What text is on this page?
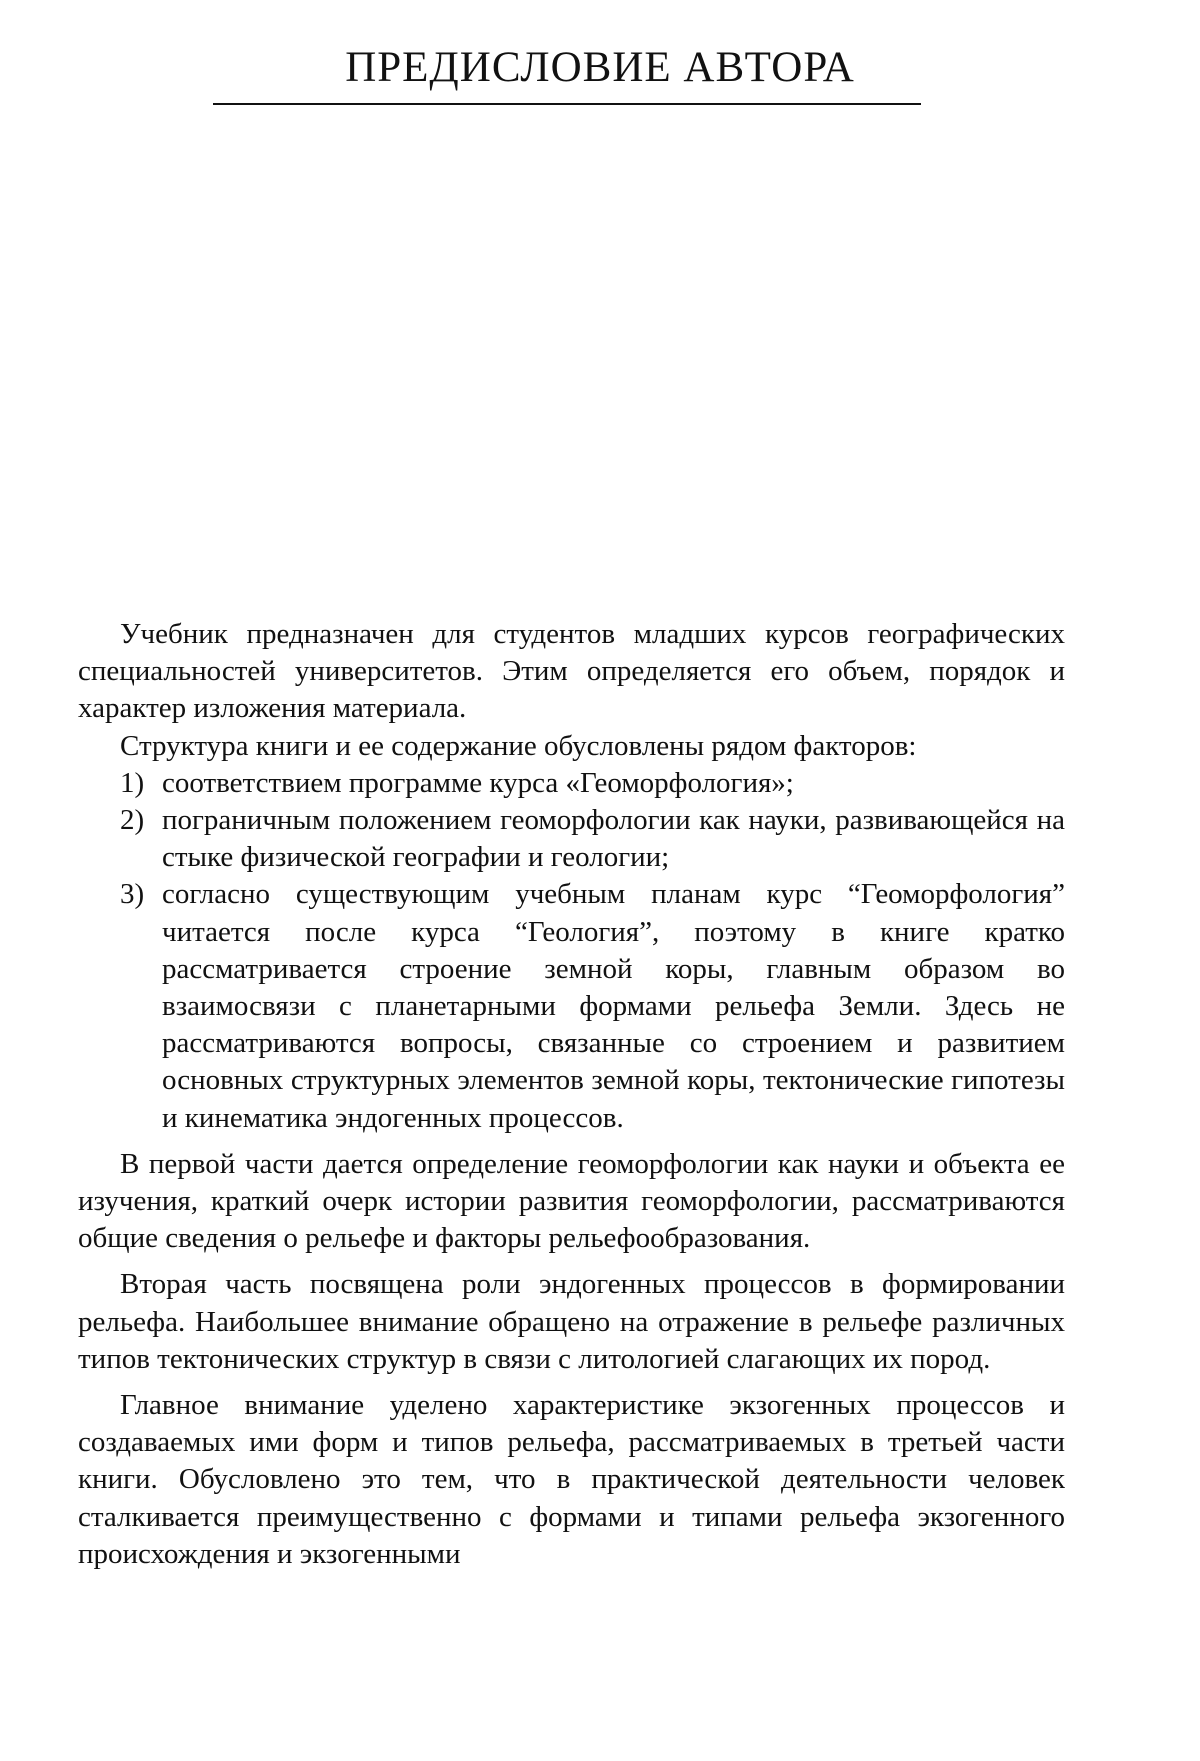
ПРЕДИСЛОВИЕ АВТОРА

Учебник предназначен для студентов младших курсов географических специальностей университетов. Этим определяется его объем, порядок и характер изложения материала.

Структура книги и ее содержание обусловлены рядом факторов:

1) соответствием программе курса «Геоморфология»;
2) пограничным положением геоморфологии как науки, развивающейся на стыке физической географии и геологии;
3) согласно существующим учебным планам курс “Геоморфология” читается после курса “Геология”, поэтому в книге кратко рассматривается строение земной коры, главным образом во взаимосвязи с планетарными формами рельефа Земли. Здесь не рассматриваются вопросы, связанные со строением и развитием основных структурных элементов земной коры, тектонические гипотезы и кинематика эндогенных процессов.

В первой части дается определение геоморфологии как науки и объекта ее изучения, краткий очерк истории развития геоморфологии, рассматриваются общие сведения о рельефе и факторы рельефообразования.

Вторая часть посвящена роли эндогенных процессов в формировании рельефа. Наибольшее внимание обращено на отражение в рельефе различных типов тектонических структур в связи с литологией слагающих их пород.

Главное внимание уделено характеристике экзогенных процессов и создаваемых ими форм и типов рельефа, рассматриваемых в третьей части книги. Обусловлено это тем, что в практической деятельности человек сталкивается преимущественно с формами и типами рельефа экзогенного происхождения и экзогенными
